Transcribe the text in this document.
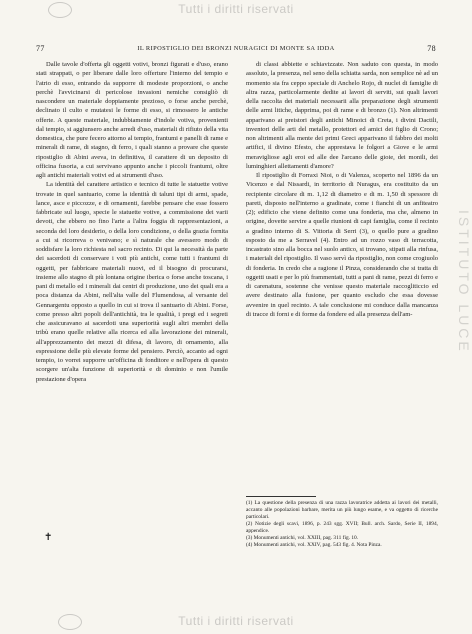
Tutti i diritti riservati
77	IL RIPOSTIGLIO DEI BRONZI NURAGICI DI MONTE SA IDDA	78

Dalle tavole d'offerta gli oggetti votivi, bronzi figurati e d'uso, erano stati strappati, o per liberare dalle loro offerture l'interno del tempio e l'atrio di esso, entrando da supporre di modeste proporzioni, o anche perchè l'avvicinarsi di pericolose invasioni nemiche consigliò di nascondere un materiale doppiamente prezioso, o forse anche perchè, declinato il culto e mutatesi le forme di esso, si rimossero le antiche offerte. A queste materiale, indubbiamente d'indole votiva, provenienti dal tempio, si aggiunsero anche arredi d'uso, materiali di rifiuto della vita domestica, che pure fecero attorno al tempio, frantumi e panelli di rame e minerali di rame, di stagno, di ferro, i quali stanno a provare che queste ripostiglio di Abini aveva, in definitiva, il carattere di un deposito di officina fusoria, a cui servivano appunto anche i piccoli frantumi, oltre agli antichi materiali votivi ed ai strumenti d'uso.

La identità del carattere artistico e tecnico di tutte le statuette votive trovate in quel santuario, come la identità di taluni tipi di armi, spade, lance, asce e piccozze, e di ornamenti, farebbe pensare che esse fossero fabbricate sul luogo, specie le statuette votive, a commissione dei varii devoti, che ebbero no fino l'arte a l'altra foggia di rappresentazioni, a seconda del loro desiderio, o della loro condizione, o della grazia fornita a cui si ricorreva o venivano; e sì naturale che avessero modo di soddisfare la loro richiesta nel sacro recinto. Di qui la necessità da parte dei sacerdoti di conservare i voti più antichi, come tutti i frantumi di oggetti, per fabbricare materiali nuovi, ed il bisogno di procurarsi, insieme allo stagno di più lontana origine iberica o forse anche toscana, i pani di metallo ed i minerali dai centri di produzione, uno dei quali era a poca distanza da Abini, nell'alta valle del Flumendosa, al versante del Gennargentu opposto a quello in cui si trova il santuario di Abini. Forse, come presso altri popoli dell'antichità, tra le qualità, i pregi ed i segreti che assicuravano ai sacerdoti una superiorità sugli altri membri della tribù erano quelle relative alla ricerca ed alla lavorazione dei minerali, all'apprezzamento dei mezzi di difesa, di lavoro, di ornamento, alla espressione delle più elevate forme del pensiero. Perciò, accanto ad ogni tempio, io vorrei supporre un'officina di fonditore e nell'opera di questo scorgere un'alta funzione di superiorità e di dominio e non l'umile prestazione d'opera

di classi abbiette e schiavizzate. Non saduto con questa, in modo assoluto, la presenza, nel seno della schiatta sarda, non semplice nè ad un momento sia fra ceppo speciale di Anchelo Rojo, di nuclei di famiglie di altra razza, particolarmente dedite ai lavori di serviti, sui quali lavori della raccolta dei materiali necessarii alla preparazione degli strumenti delle armi litiche, dapprima, poi di rame e di bronzo (1). Non altrimenti apparivano ai preistori degli antichi Minoici di Creta, i divini Dactili, inventori delle arti del metallo, protettori ed amici dei figlio di Crono; non altrimenti alla mente dei primi Greci apparivano il fabbro dei molti artifici, il divino Efesto, che apprestava le folgori a Giove e le armi meravigliose agli eroi ed alle dee l'arcano delle gioie, dei monili, dei luminghieri allettamenti d'amore?

Il ripostiglio di Forraxi Nioi, o di Valenza, scoperto nel 1896 da un Vicenzo e dal Nissardi, in territorio di Nuragus, era costituito da un recipiente circolare di m. 1,12 di diametro e di m. 1,50 di spessore di pareti, disposto nell'interno a gradinate, come i fianchi di un anfiteatro (2); edificio che viene definito come una fonderia, ma che, almeno in origine, dovette servire a quelle riunioni di capi famiglia, come il recinto a gradino interno di S. Vittoria di Serri (3), o quello pure a gradino esposto da me a Serravel (4). Entro ad un rozzo vaso di terracotta, incastrato sino alla bocca nel suolo antico, si trovano, stipati alla rinfusa, i materiali del ripostiglio. Il vaso servì da ripostiglio, non come crogiuolo di fonderia. In credo che a ragione il Pinza, considerando che si tratta di oggetti usati e per lo più frammentati, tutti a pani di rame, pezzi di ferro e di carenatura, sostenne che venisse questo materiale raccogliticcio ed avere destinato alla fusione, per quanto escludo che essa dovesse avvenire in quel recinto. A tale conclusione mi conduce dalla mancanza di tracce di forni e di forme da fondere ed alla presenza dell'am-

(1) La questione della presenza di una razza lavoratrice addetta ai lavori dei metalli, accanto alle popolazioni barbare, merita un più lungo esame, e va oggetto di ricerche particolari.

(2) Notizie degli scavi, 1896, p. 243 sgg. XVII; Bull. arch. Sardo, Serie II, 1894, appendice.

(3) Monumenti antichi, vol. XXIII, pag. 311 fig. 10.

(4) Monumenti antichi, vol. XXIV, pag. 543 fig. 4. Nota Pinza.

ISTITUTO LUCE
✝
Tutti i diritti riservati
